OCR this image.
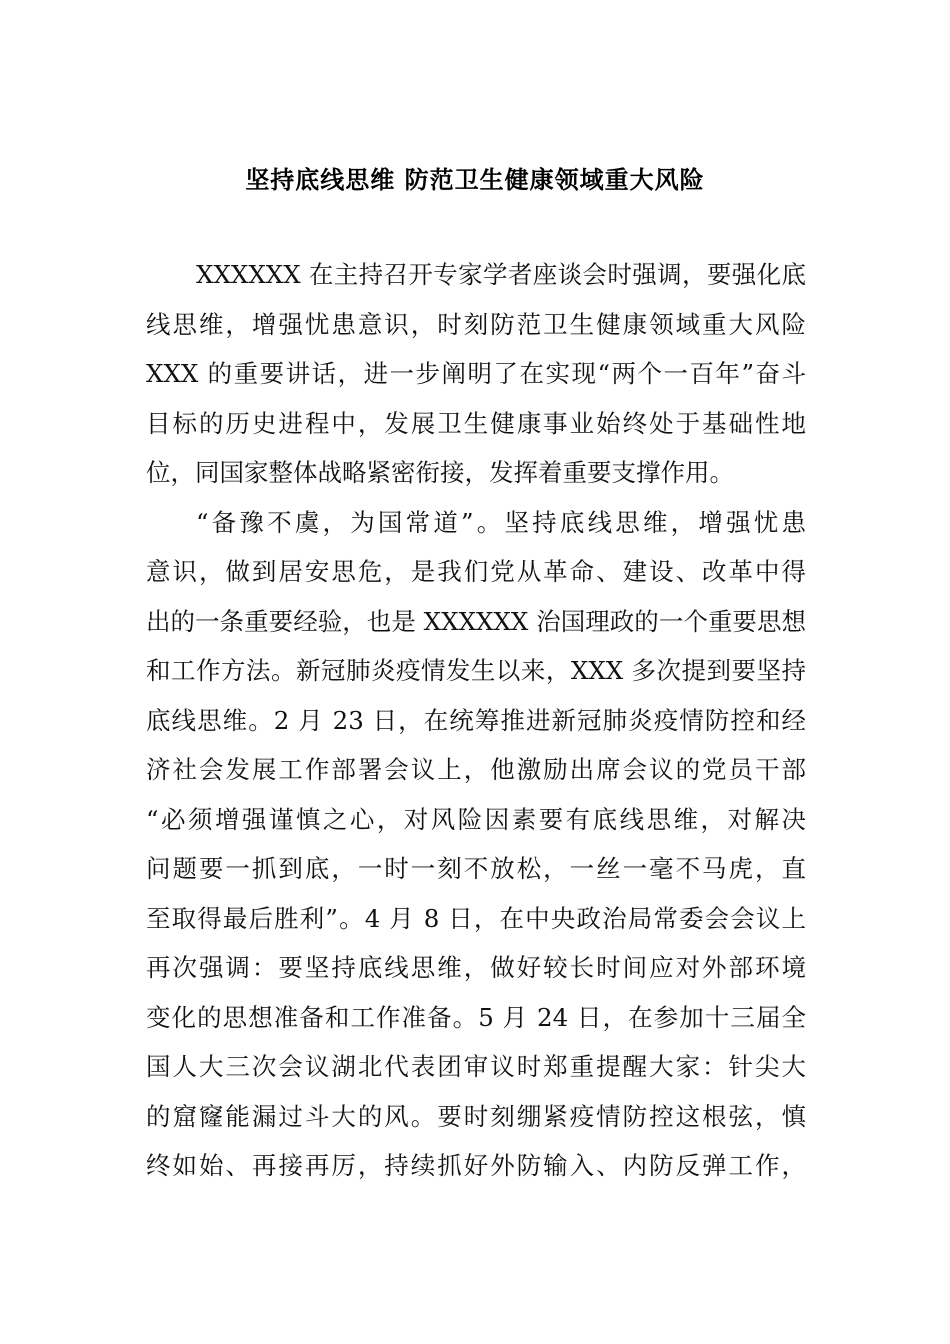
坚持底线思维 防范卫生健康领域重大风险
XXXXXX 在主持召开专家学者座谈会时强调，要强化底
线思维，增强忧患意识，时刻防范卫生健康领域重大风险
XXX 的重要讲话，进一步阐明了在实现“两个一百年”奋斗
目标的历史进程中，发展卫生健康事业始终处于基础性地
位，同国家整体战略紧密衔接，发挥着重要支撑作用。
“备豫不虞，为国常道”。坚持底线思维，增强忧患
意识，做到居安思危，是我们党从革命、建设、改革中得
出的一条重要经验，也是 XXXXXX 治国理政的一个重要思想
和工作方法。新冠肺炎疫情发生以来，XXX 多次提到要坚持
底线思维。2 月 23 日，在统筹推进新冠肺炎疫情防控和经
济社会发展工作部署会议上，他激励出席会议的党员干部
“必须增强谨慎之心，对风险因素要有底线思维，对解决
问题要一抓到底，一时一刻不放松，一丝一毫不马虎，直
至取得最后胜利”。4 月 8 日，在中央政治局常委会会议上
再次强调：要坚持底线思维，做好较长时间应对外部环境
变化的思想准备和工作准备。5 月 24 日，在参加十三届全
国人大三次会议湖北代表团审议时郑重提醒大家：针尖大
的窟窿能漏过斗大的风。要时刻绷紧疫情防控这根弦，慎
终如始、再接再厉，持续抓好外防输入、内防反弹工作，
